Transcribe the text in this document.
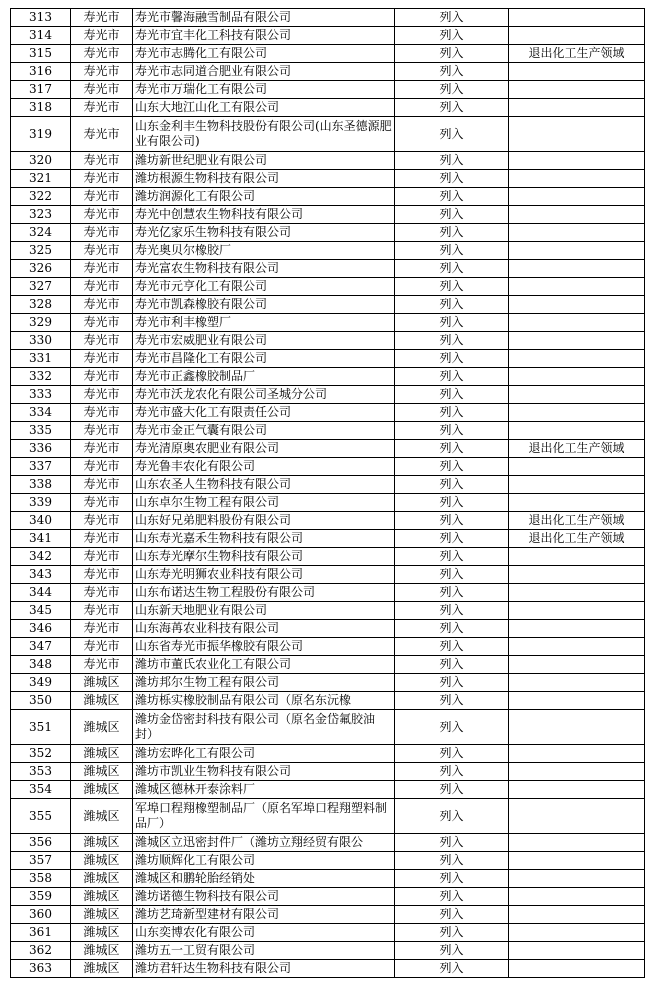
313	寿光市	寿光市馨海融雪制品有限公司	列入	
314	寿光市	寿光市宜丰化工科技有限公司	列入	
315	寿光市	寿光市志腾化工有限公司	列入	退出化工生产领域
316	寿光市	寿光市志同道合肥业有限公司	列入	
317	寿光市	寿光市万瑞化工有限公司	列入	
318	寿光市	山东大地江山化工有限公司	列入	
319	寿光市	山东金利丰生物科技股份有限公司(山东圣德源肥业有限公司)	列入	
320	寿光市	潍坊新世纪肥业有限公司	列入	
321	寿光市	潍坊根源生物科技有限公司	列入	
322	寿光市	潍坊润源化工有限公司	列入	
323	寿光市	寿光中创慧农生物科技有限公司	列入	
324	寿光市	寿光亿家乐生物科技有限公司	列入	
325	寿光市	寿光奥贝尔橡胶厂	列入	
326	寿光市	寿光富农生物科技有限公司	列入	
327	寿光市	寿光市元亨化工有限公司	列入	
328	寿光市	寿光市凯森橡胶有限公司	列入	
329	寿光市	寿光市利丰橡塑厂	列入	
330	寿光市	寿光市宏威肥业有限公司	列入	
331	寿光市	寿光市昌隆化工有限公司	列入	
332	寿光市	寿光市正鑫橡胶制品厂	列入	
333	寿光市	寿光市沃龙农化有限公司圣城分公司	列入	
334	寿光市	寿光市盛大化工有限责任公司	列入	
335	寿光市	寿光市金正气囊有限公司	列入	
336	寿光市	寿光清原奥农肥业有限公司	列入	退出化工生产领域
337	寿光市	寿光鲁丰农化有限公司	列入	
338	寿光市	山东农圣人生物科技有限公司	列入	
339	寿光市	山东卓尔生物工程有限公司	列入	
340	寿光市	山东好兄弟肥料股份有限公司	列入	退出化工生产领域
341	寿光市	山东寿光嘉禾生物科技有限公司	列入	退出化工生产领域
342	寿光市	山东寿光摩尔生物科技有限公司	列入	
343	寿光市	山东寿光明狮农业科技有限公司	列入	
344	寿光市	山东布诺达生物工程股份有限公司	列入	
345	寿光市	山东新天地肥业有限公司	列入	
346	寿光市	山东海苒农业科技有限公司	列入	
347	寿光市	山东省寿光市振华橡胶有限公司	列入	
348	寿光市	潍坊市董氏农业化工有限公司	列入	
349	潍城区	潍坊邦尔生物工程有限公司	列入	
350	潍城区	潍坊栎实橡胶制品有限公司（原名东沅橡	列入	
351	潍城区	潍坊金岱密封科技有限公司（原名金岱氟胶油封）	列入	
352	潍城区	潍坊宏晔化工有限公司	列入	
353	潍城区	潍坊市凯业生物科技有限公司	列入	
354	潍城区	潍城区德林开泰涂料厂	列入	
355	潍城区	军埠口程翔橡塑制品厂（原名军埠口程翔塑料制品厂）	列入	
356	潍城区	潍城区立迅密封件厂（潍坊立翔经贸有限公	列入	
357	潍城区	潍坊顺辉化工有限公司	列入	
358	潍城区	潍城区和鹏轮胎经销处	列入	
359	潍城区	潍坊诺德生物科技有限公司	列入	
360	潍城区	潍坊艺琦新型建材有限公司	列入	
361	潍城区	山东奕博农化有限公司	列入	
362	潍城区	潍坊五一工贸有限公司	列入	
363	潍城区	潍坊君轩达生物科技有限公司	列入	
